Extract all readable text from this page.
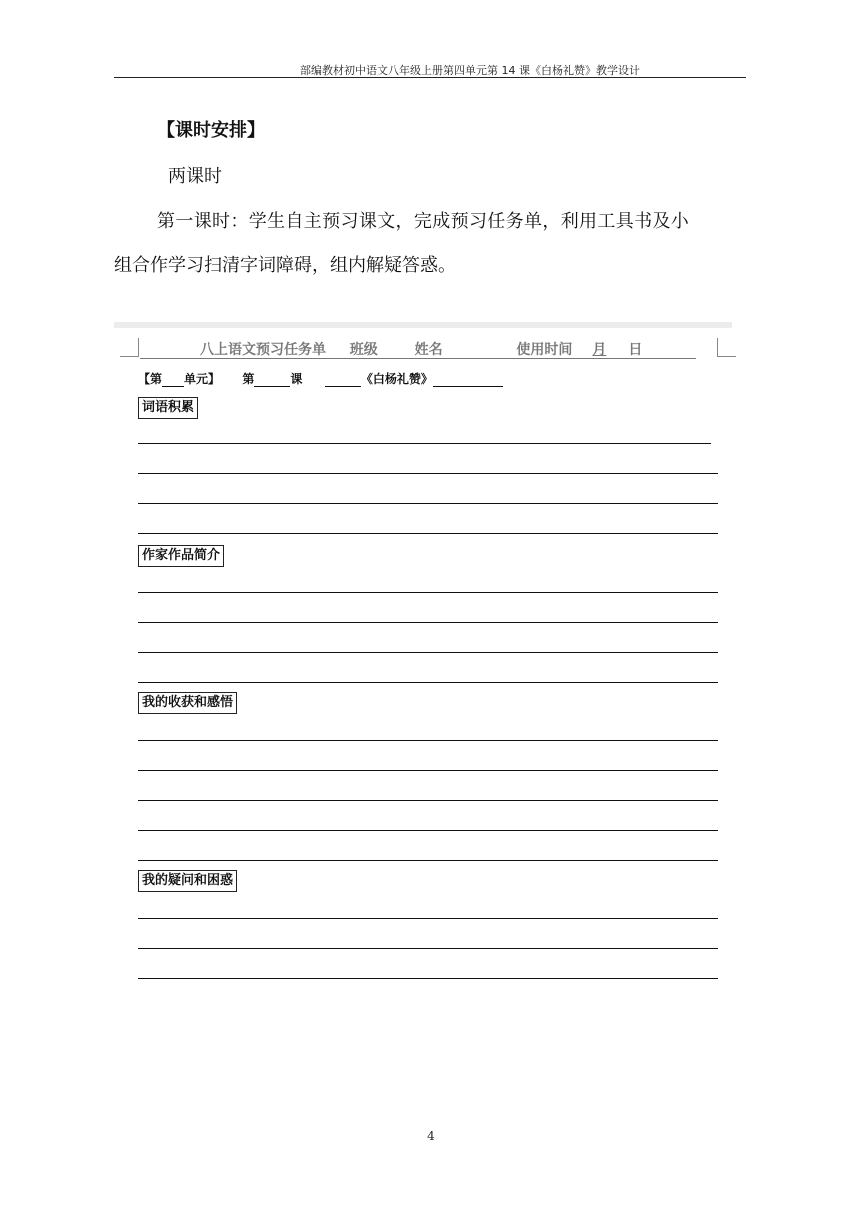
部编教材初中语文八年级上册第四单元第 14 课《白杨礼赞》教学设计
【课时安排】
两课时
第一课时：学生自主预习课文，完成预习任务单，利用工具书及小
组合作学习扫清字词障碍，组内解疑答惑。
八上语文预习任务单 班级	姓名	使用时间 月 日
【第 单元】 第	课	《白杨礼赞》
词语积累
作家作品简介
我的收获和感悟
我的疑问和困惑
4
